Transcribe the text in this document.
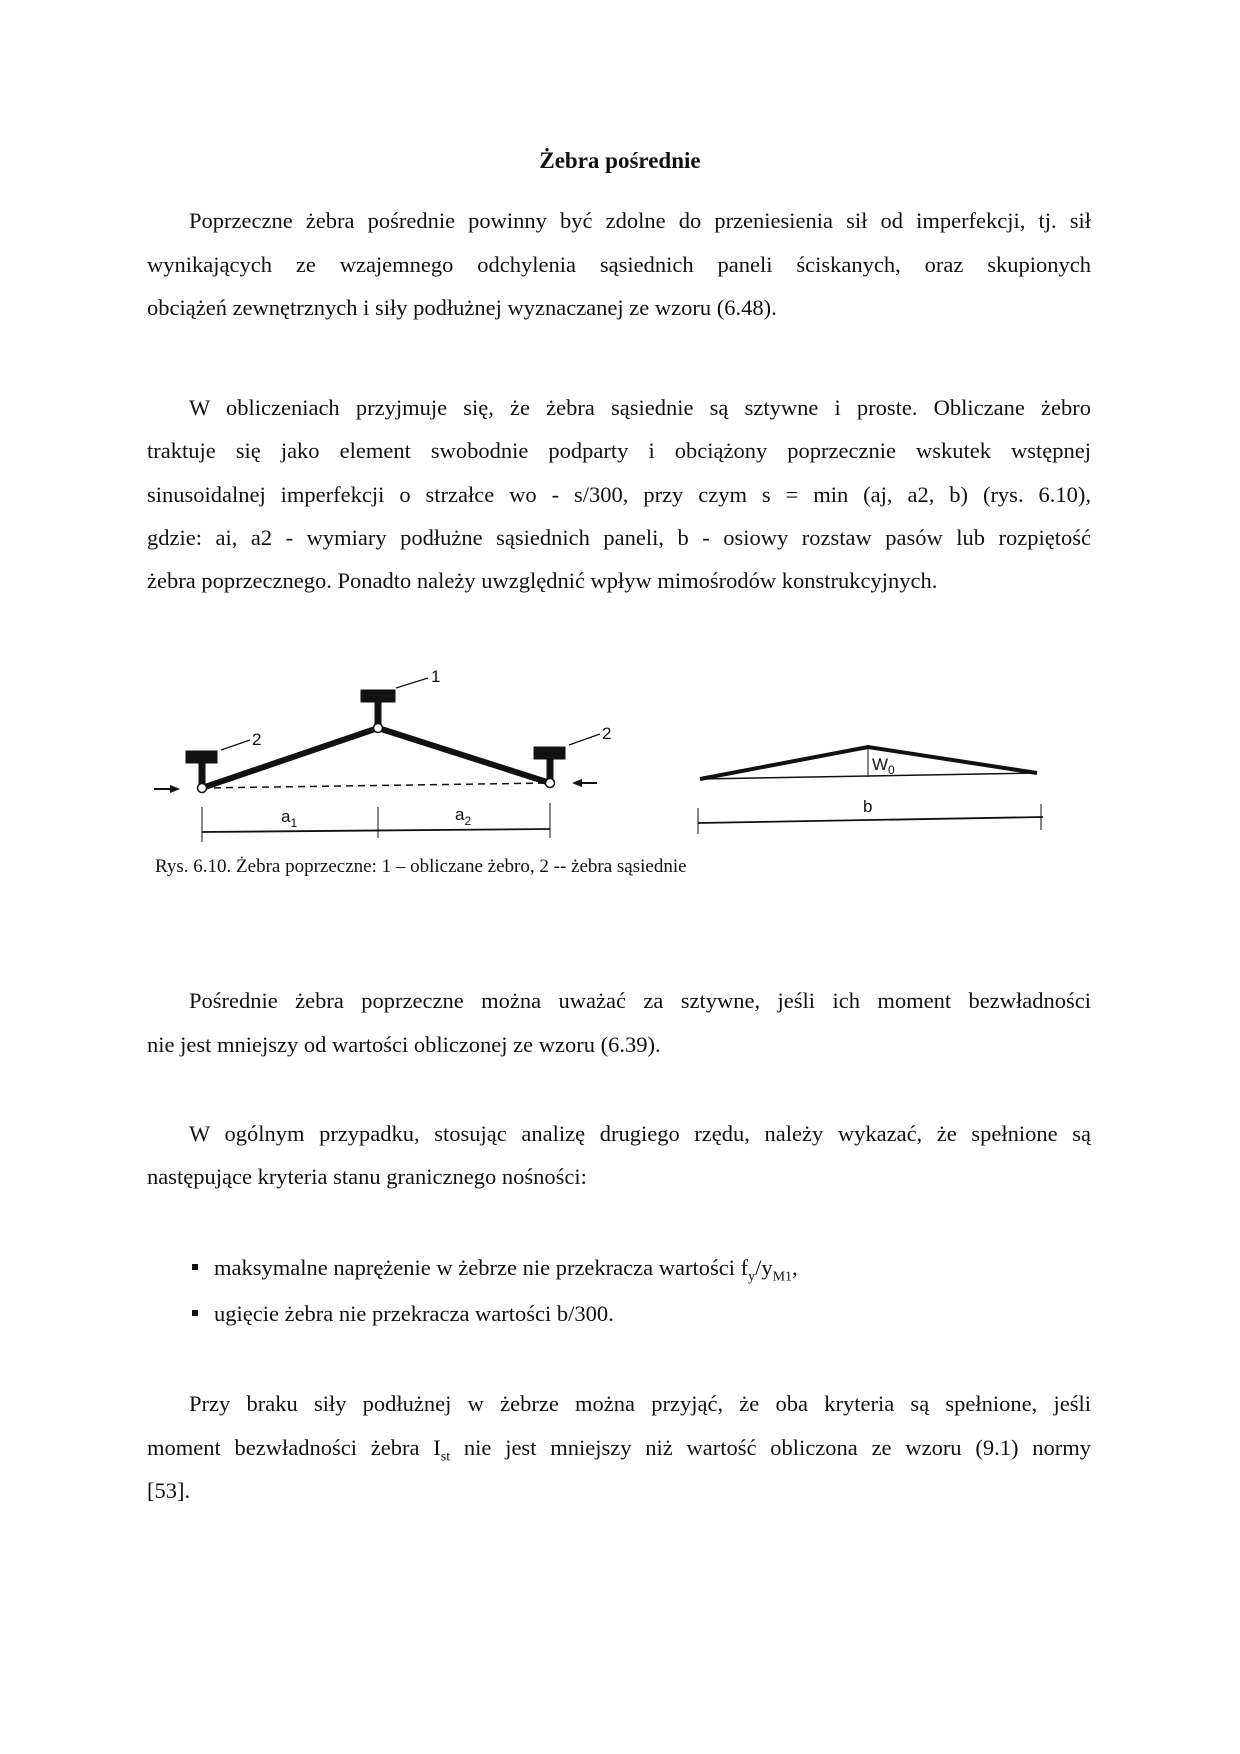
Żebra pośrednie
Poprzeczne żebra pośrednie powinny być zdolne do przeniesienia sił od imperfekcji, tj. sił
wynikających ze wzajemnego odchylenia sąsiednich paneli ściskanych, oraz skupionych
obciążeń zewnętrznych i siły podłużnej wyznaczanej ze wzoru (6.48).
W obliczeniach przyjmuje się, że żebra sąsiednie są sztywne i proste. Obliczane żebro
traktuje się jako element swobodnie podparty i obciążony poprzecznie wskutek wstępnej
sinusoidalnej imperfekcji o strzałce wo - s/300, przy czym s = min (aj, a2, b) (rys. 6.10),
gdzie: ai, a2 - wymiary podłużne sąsiednich paneli, b - osiowy rozstaw pasów lub rozpiętość
żebra poprzecznego. Ponadto należy uwzględnić wpływ mimośrodów konstrukcyjnych.
1
2	2
$a_1$	$a_2$
b
$W_0$
Rys. 6.10. Żebra poprzeczne: 1 – obliczane żebro, 2 -- żebra sąsiednie
Pośrednie żebra poprzeczne można uważać za sztywne, jeśli ich moment bezwładności
nie jest mniejszy od wartości obliczonej ze wzoru (6.39).
W ogólnym przypadku, stosując analizę drugiego rzędu, należy wykazać, że spełnione są
następujące kryteria stanu granicznego nośności:
maksymalne naprężenie w żebrze nie przekracza wartości $f_y/y_{M1}$,
ugięcie żebra nie przekracza wartości b/300.
Przy braku siły podłużnej w żebrze można przyjąć, że oba kryteria są spełnione, jeśli
moment bezwładności żebra $I_{st}$ nie jest mniejszy niż wartość obliczona ze wzoru (9.1) normy
[53].
